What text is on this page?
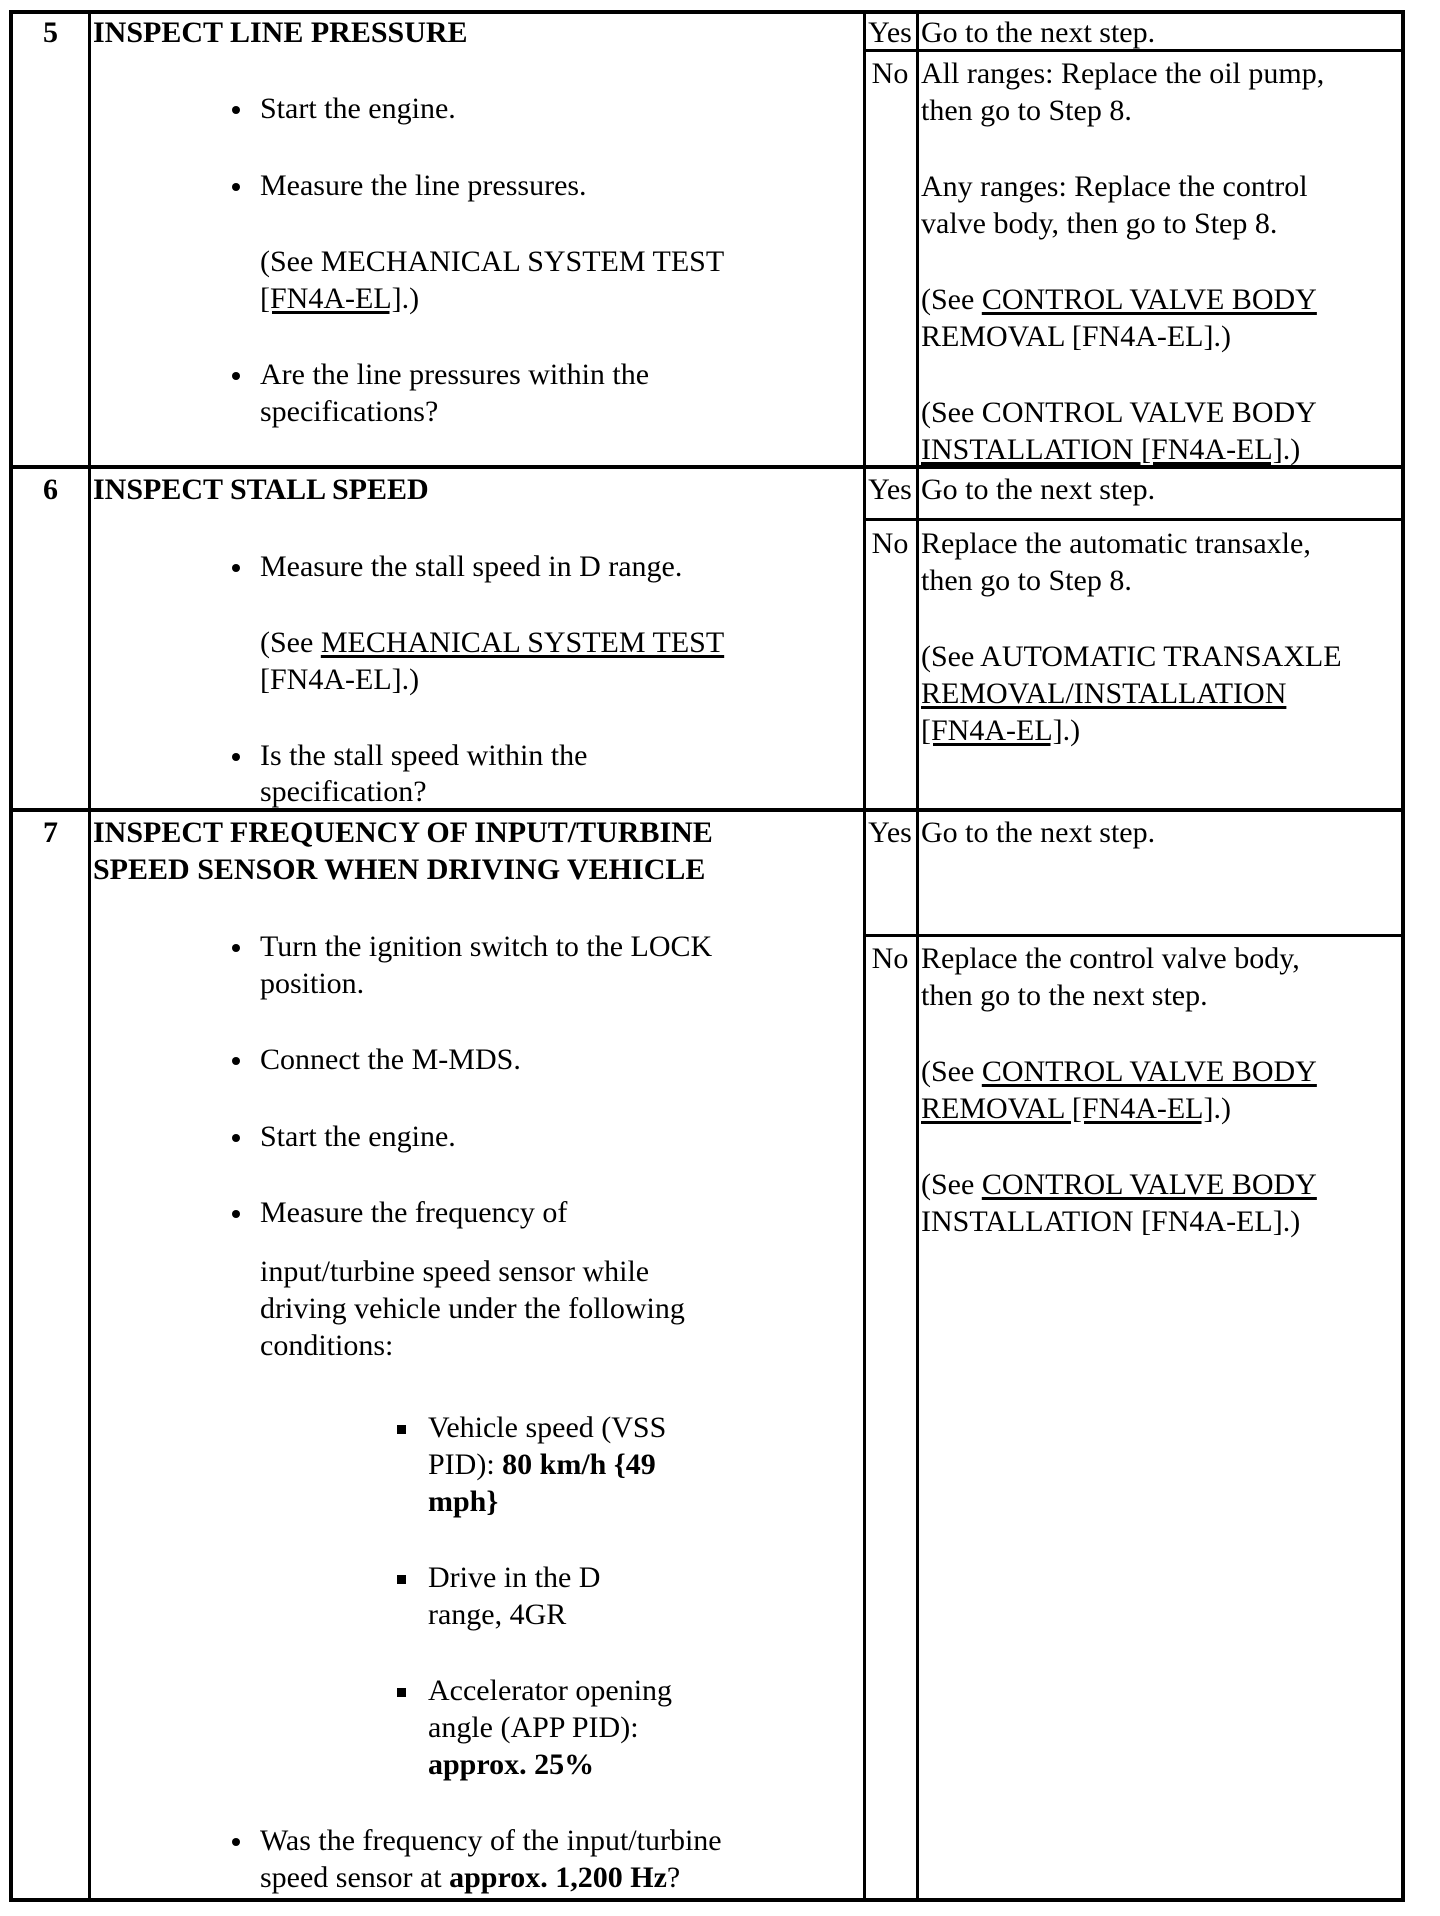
5	INSPECT LINE PRESSURE
Start the engine.
Measure the line pressures.
(See MECHANICAL SYSTEM TEST
[FN4A-EL].)
Are the line pressures within the
specifications?
Yes Go to the next step.
No All ranges: Replace the oil pump,
then go to Step 8.
Any ranges: Replace the control
valve body, then go to Step 8.
(See CONTROL VALVE BODY
REMOVAL [FN4A-EL].)
(See CONTROL VALVE BODY
INSTALLATION [FN4A-EL].)
6	INSPECT STALL SPEED
Measure the stall speed in D range.
(See MECHANICAL SYSTEM TEST
[FN4A-EL].)
Is the stall speed within the
specification?
Yes Go to the next step.
No Replace the automatic transaxle,
then go to Step 8.
(See AUTOMATIC TRANSAXLE
REMOVAL/INSTALLATION
[FN4A-EL].)
7	INSPECT FREQUENCY OF INPUT/TURBINE
SPEED SENSOR WHEN DRIVING VEHICLE
Turn the ignition switch to the LOCK
position.
Connect the M-MDS.
Start the engine.
Measure the frequency of
input/turbine speed sensor while
driving vehicle under the following
conditions:
Vehicle speed (VSS
PID): 80 km/h {49
mph}
Drive in the D
range, 4GR
Accelerator opening
angle (APP PID):
approx. 25%
Was the frequency of the input/turbine
speed sensor at approx. 1,200 Hz?
Yes Go to the next step.
No Replace the control valve body,
then go to the next step.
(See CONTROL VALVE BODY
REMOVAL [FN4A-EL].)
(See CONTROL VALVE BODY
INSTALLATION [FN4A-EL].)
